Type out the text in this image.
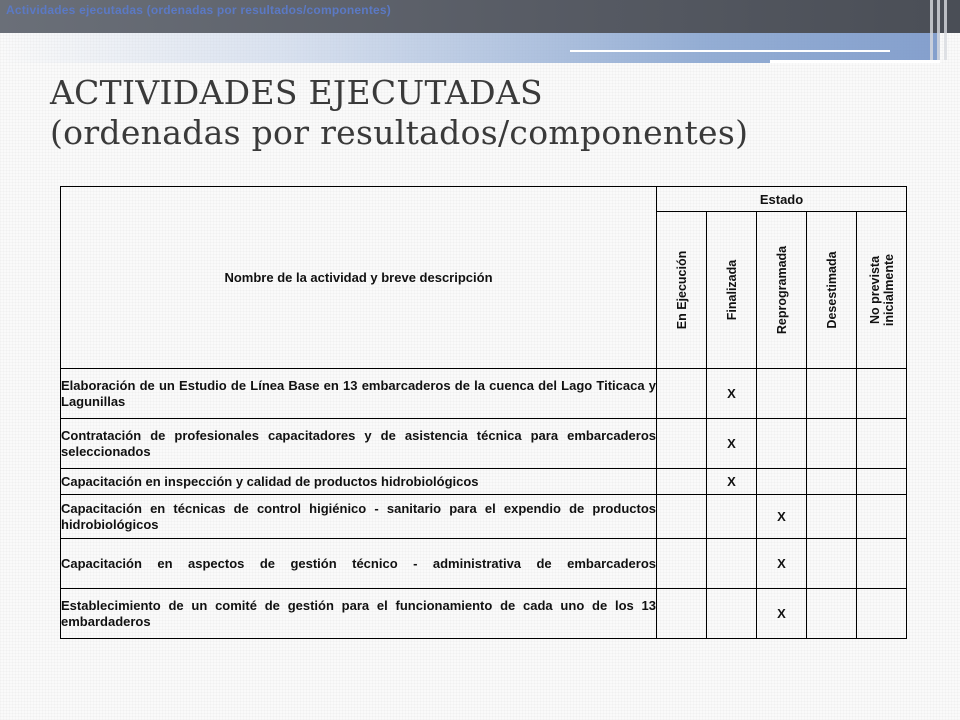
Actividades ejecutadas (ordenadas por resultados/componentes)
ACTIVIDADES EJECUTADAS
(ordenadas por resultados/componentes)
Nombre de la actividad y breve descripción	Estado				

	En Ejecución	Finalizada	Reprogramada	Desestimada	No prevista inicialmente

Elaboración de un Estudio de Línea Base en 13 embarcaderos de la cuenca del Lago Titicaca y Lagunillas		X			
Contratación de profesionales capacitadores y de asistencia técnica para embarcaderos seleccionados		X			
Capacitación en inspección y calidad de productos hidrobiológicos		X			
Capacitación en técnicas de control higiénico - sanitario para el expendio de productos hidrobiológicos			X		
Capacitación en aspectos de gestión técnico - administrativa de embarcaderos			X		
Establecimiento de un comité de gestión para el funcionamiento de cada uno de los 13 embardaderos			X		
